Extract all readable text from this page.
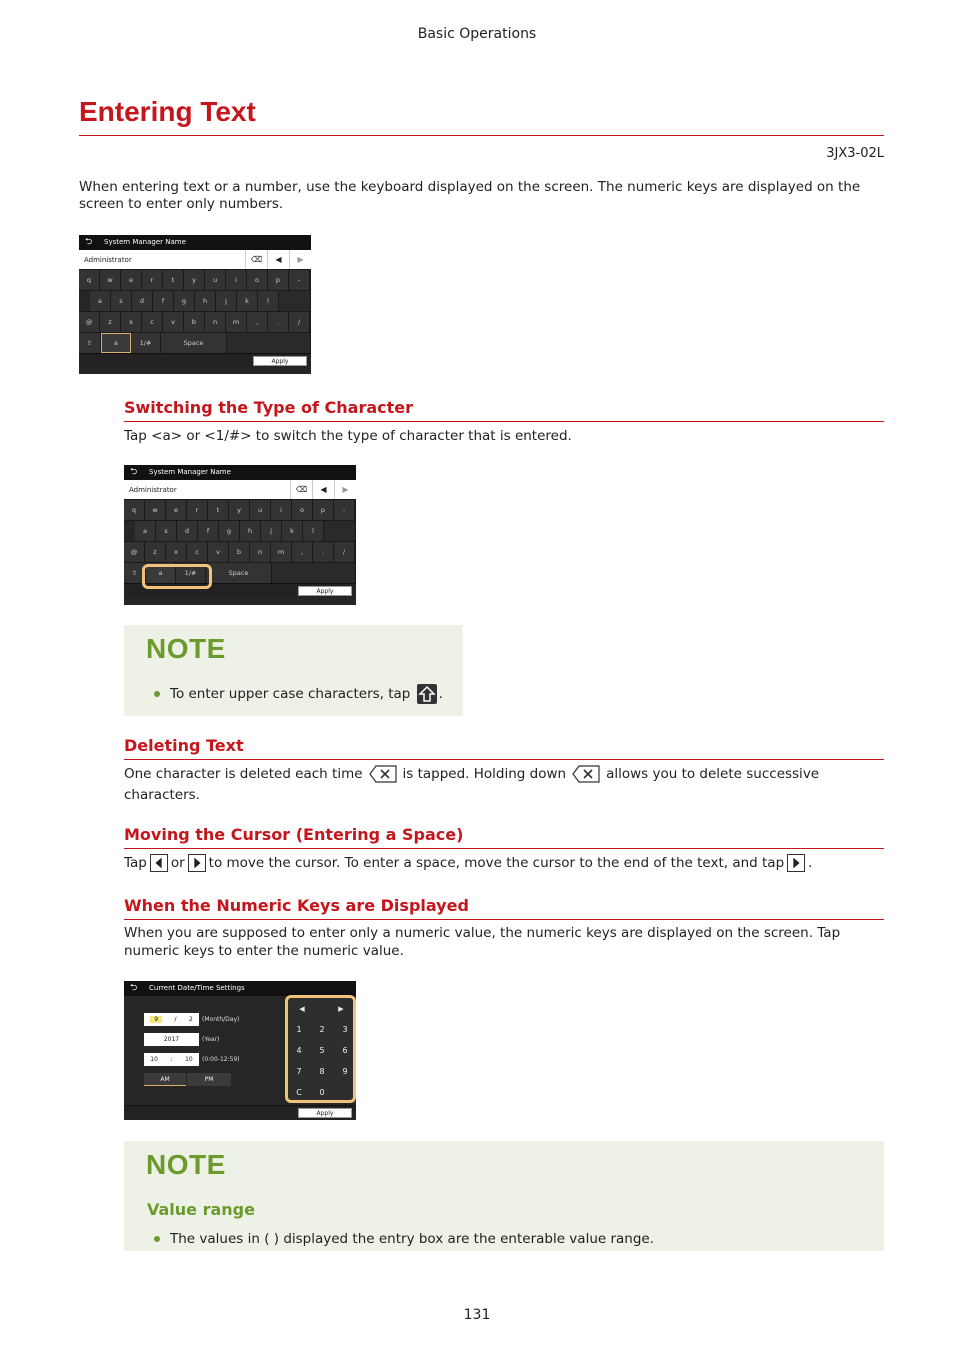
Basic Operations
Entering Text
3JX3-02L

When entering text or a number, use the keyboard displayed on the screen. The numeric keys are displayed on the screen to enter only numbers.

⮌ System Manager Name
Administrator	⌫	◀	▶
q	w	e	r	t	y	u	i	o	p	-
a	s	d	f	g	h	j	k	l
@	z	x	c	v	b	n	m	,	.	/
⇧	a	1/#	Space
Apply
Switching the Type of Character

Tap <a> or <1/#> to switch the type of character that is entered.

⮌ System Manager Name
Administrator	⌫	◀	▶
q	w	e	r	t	y	u	i	o	p	-
a	s	d	f	g	h	j	k	l
@	z	x	c	v	b	n	m	,	.	/
⇧	a	1/#	Space
Apply
NOTE
To enter upper case characters, tap .
Deleting Text

One character is deleted each time	is tapped. Holding down	allows you to delete successive characters.

Moving the Cursor (Entering a Space)

Tap or to move the cursor. To enter a space, move the cursor to the end of the text, and tap .

When the Numeric Keys are Displayed

When you are supposed to enter only a numeric value, the numeric keys are displayed on the screen. Tap numeric keys to enter the numeric value.

⮌ Current Date/Time Settings
9	/ 2 (Month/Day)
2017	(Year)
10 : 10 (0:00-12:59)
AM	PM
◀	▶
1	2	3
4	5	6
7	8	9
C	0
Apply
NOTE
Value range
The values in ( ) displayed the entry box are the enterable value range.
131
